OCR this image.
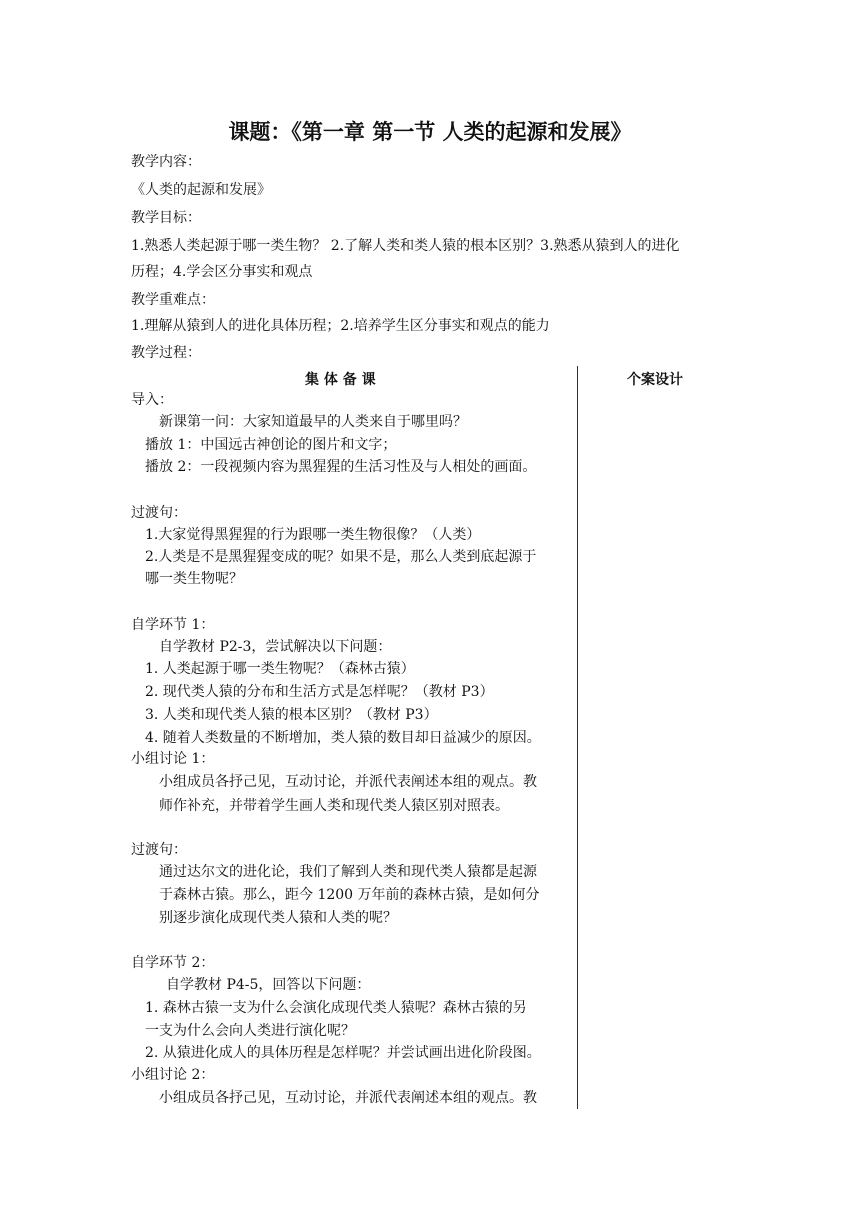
课题：《第一章 第一节 人类的起源和发展》
教学内容：
《人类的起源和发展》
教学目标：
1.熟悉人类起源于哪一类生物？ 2.了解人类和类人猿的根本区别？3.熟悉从猿到人的进化
历程；4.学会区分事实和观点
教学重难点：
1.理解从猿到人的进化具体历程；2.培养学生区分事实和观点的能力
教学过程：
集 体 备 课	个案设计
导入：
新课第一问：大家知道最早的人类来自于哪里吗？
播放 1：中国远古神创论的图片和文字；
播放 2：一段视频内容为黑猩猩的生活习性及与人相处的画面。
过渡句：
1.大家觉得黑猩猩的行为跟哪一类生物很像？（人类）
2.人类是不是黑猩猩变成的呢？如果不是，那么人类到底起源于
哪一类生物呢？
自学环节 1：
自学教材 P2-3，尝试解决以下问题：
1. 人类起源于哪一类生物呢？（森林古猿）
2. 现代类人猿的分布和生活方式是怎样呢？（教材 P3）
3. 人类和现代类人猿的根本区别？（教材 P3）
4. 随着人类数量的不断增加，类人猿的数目却日益减少的原因。
小组讨论 1：
小组成员各抒己见，互动讨论，并派代表阐述本组的观点。教
师作补充，并带着学生画人类和现代类人猿区别对照表。
过渡句：
通过达尔文的进化论，我们了解到人类和现代类人猿都是起源
于森林古猿。那么，距今 1200 万年前的森林古猿，是如何分
别逐步演化成现代类人猿和人类的呢？
自学环节 2：
自学教材 P4-5，回答以下问题：
1. 森林古猿一支为什么会演化成现代类人猿呢？森林古猿的另
一支为什么会向人类进行演化呢？
2. 从猿进化成人的具体历程是怎样呢？并尝试画出进化阶段图。
小组讨论 2：
小组成员各抒己见，互动讨论，并派代表阐述本组的观点。教
